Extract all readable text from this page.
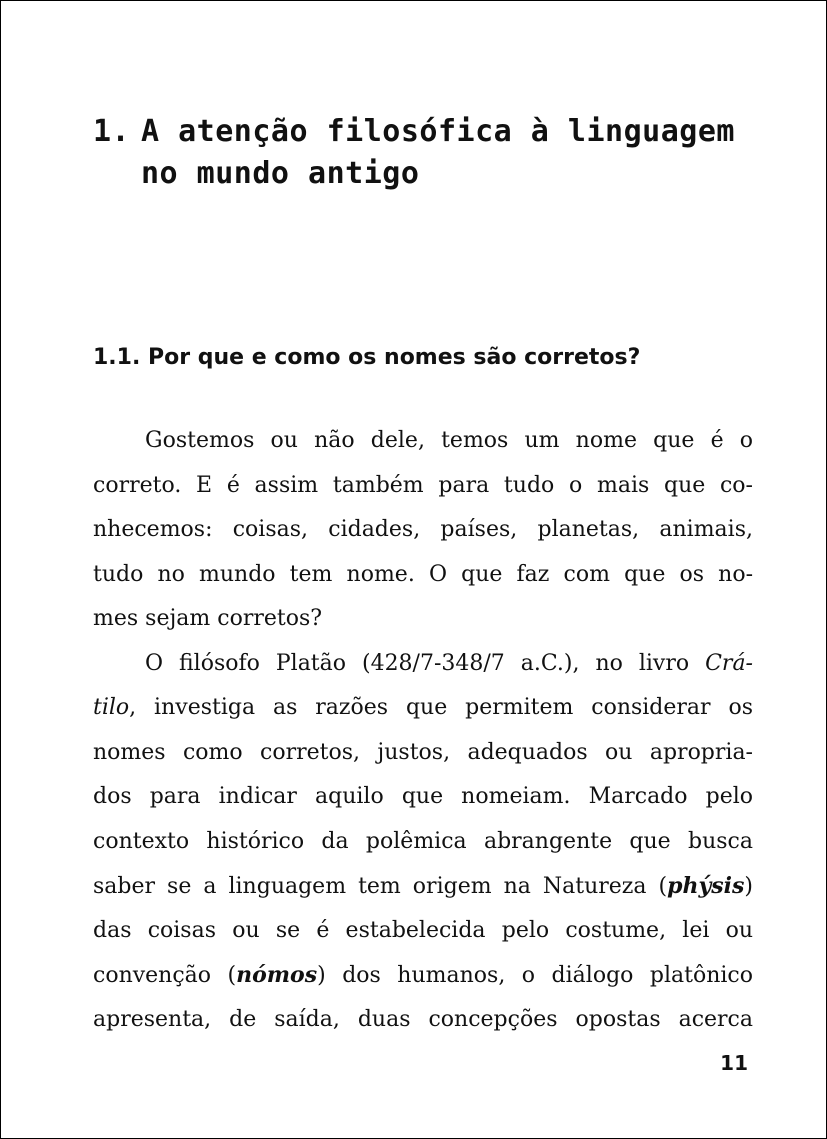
1. A atenção filosófica à linguagem
no mundo antigo
1.1. Por que e como os nomes são corretos?
Gostemos ou não dele, temos um nome que é o
correto. E é assim também para tudo o mais que co-
nhecemos: coisas, cidades, países, planetas, animais,
tudo no mundo tem nome. O que faz com que os no-
mes sejam corretos?
O filósofo Platão (428/7-348/7 a.C.), no livro Crá-
tilo, investiga as razões que permitem considerar os
nomes como corretos, justos, adequados ou apropria-
dos para indicar aquilo que nomeiam. Marcado pelo
contexto histórico da polêmica abrangente que busca
saber se a linguagem tem origem na Natureza (phýsis)
das coisas ou se é estabelecida pelo costume, lei ou
convenção (nómos) dos humanos, o diálogo platônico
apresenta, de saída, duas concepções opostas acerca
11
